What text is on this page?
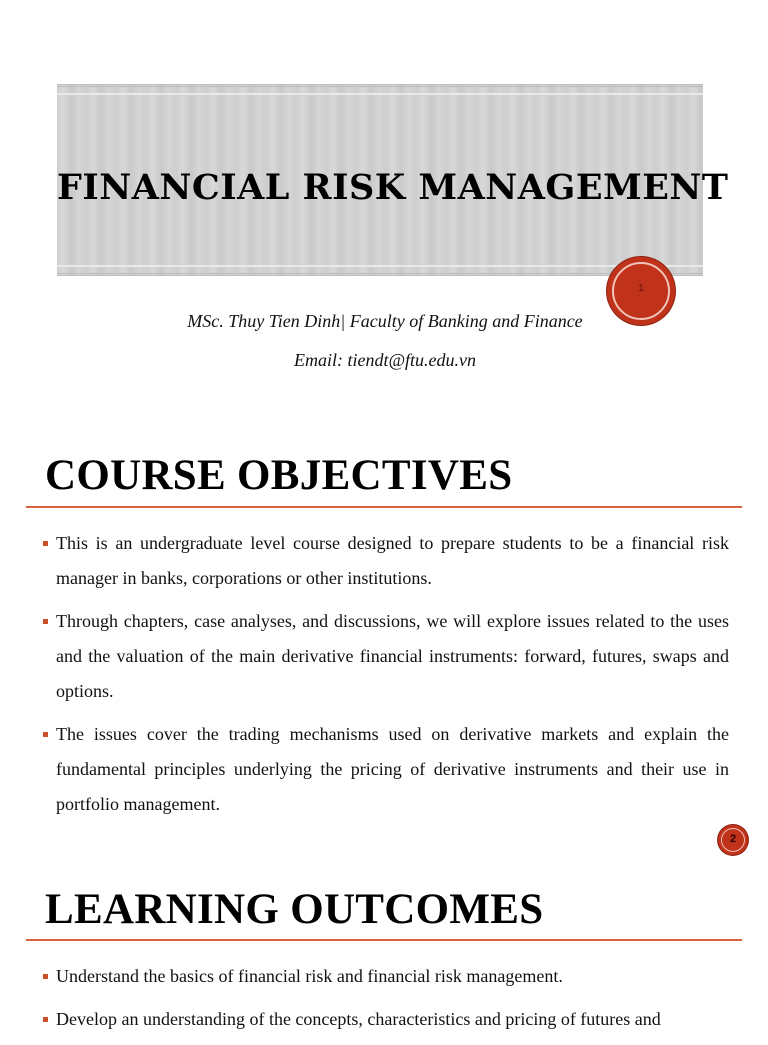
FINANCIAL RISK MANAGEMENT
1
MSc. Thuy Tien Dinh| Faculty of Banking and Finance
Email: tiendt@ftu.edu.vn
COURSE OBJECTIVES
This is an undergraduate level course designed to prepare students to be a financial risk manager in banks, corporations or other institutions.
Through chapters, case analyses, and discussions, we will explore issues related to the uses and the valuation of the main derivative financial instruments: forward, futures, swaps and options.
The issues cover the trading mechanisms used on derivative markets and explain the fundamental principles underlying the pricing of derivative instruments and their use in portfolio management.
2
LEARNING OUTCOMES
Understand the basics of financial risk and financial risk management.
Develop an understanding of the concepts, characteristics and pricing of futures and
